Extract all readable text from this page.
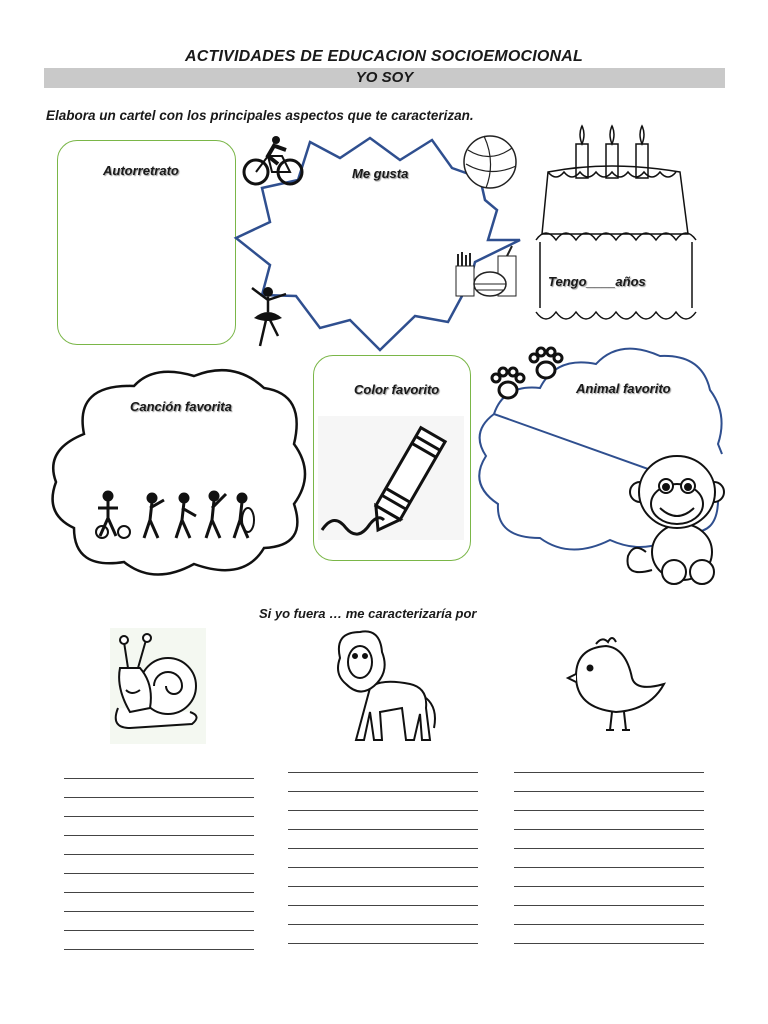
ACTIVIDADES DE EDUCACION SOCIOEMOCIONAL
YO SOY
Elabora un cartel con los principales aspectos que te caracterizan.
Autorretrato	Me gusta
Tengo____años
Canción favorita
Color favorito	Animal favorito
Si yo fuera … me caracterizaría por
